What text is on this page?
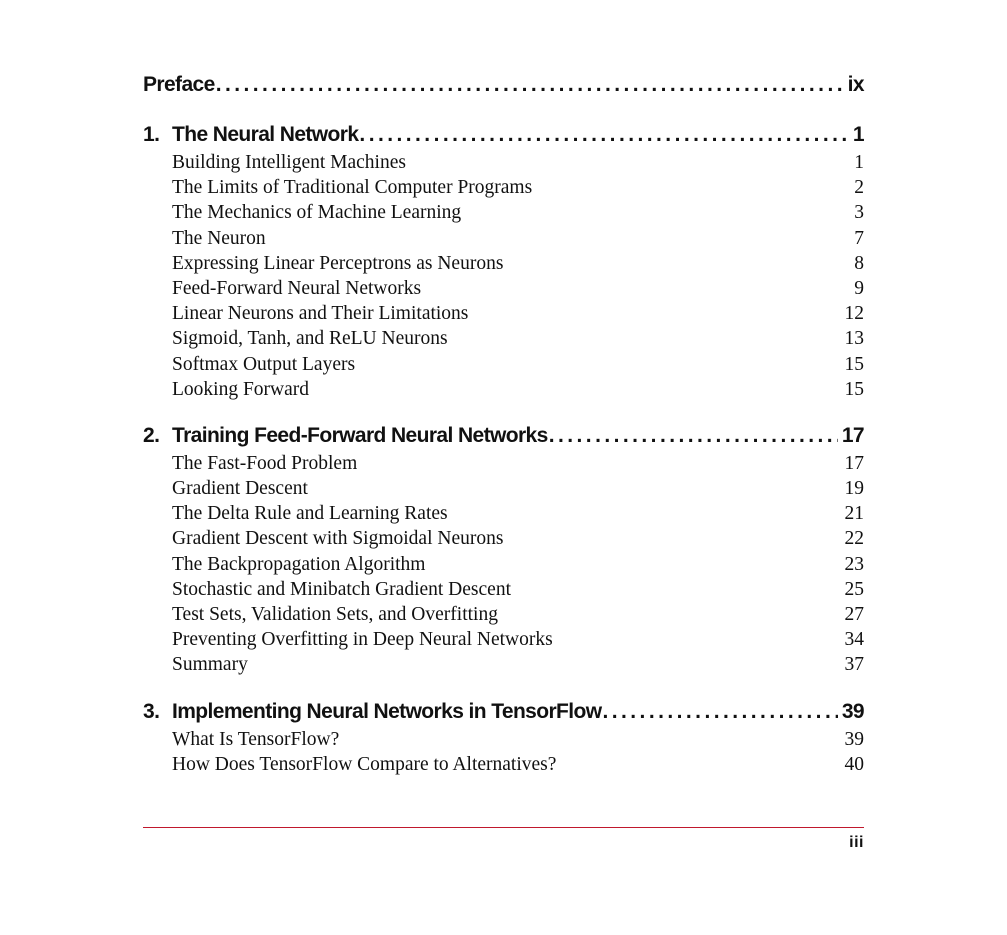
Preface . . .	ix
1. The Neural Network . . .	1
Building Intelligent Machines	1
The Limits of Traditional Computer Programs	2
The Mechanics of Machine Learning	3
The Neuron	7
Expressing Linear Perceptrons as Neurons	8
Feed-Forward Neural Networks	9
Linear Neurons and Their Limitations	12
Sigmoid, Tanh, and ReLU Neurons	13
Softmax Output Layers	15
Looking Forward	15
2. Training Feed-Forward Neural Networks . . .	17
The Fast-Food Problem	17
Gradient Descent	19
The Delta Rule and Learning Rates	21
Gradient Descent with Sigmoidal Neurons	22
The Backpropagation Algorithm	23
Stochastic and Minibatch Gradient Descent	25
Test Sets, Validation Sets, and Overfitting	27
Preventing Overfitting in Deep Neural Networks	34
Summary	37
3. Implementing Neural Networks in TensorFlow . . .	39
What Is TensorFlow?	39
How Does TensorFlow Compare to Alternatives?	40
iii
